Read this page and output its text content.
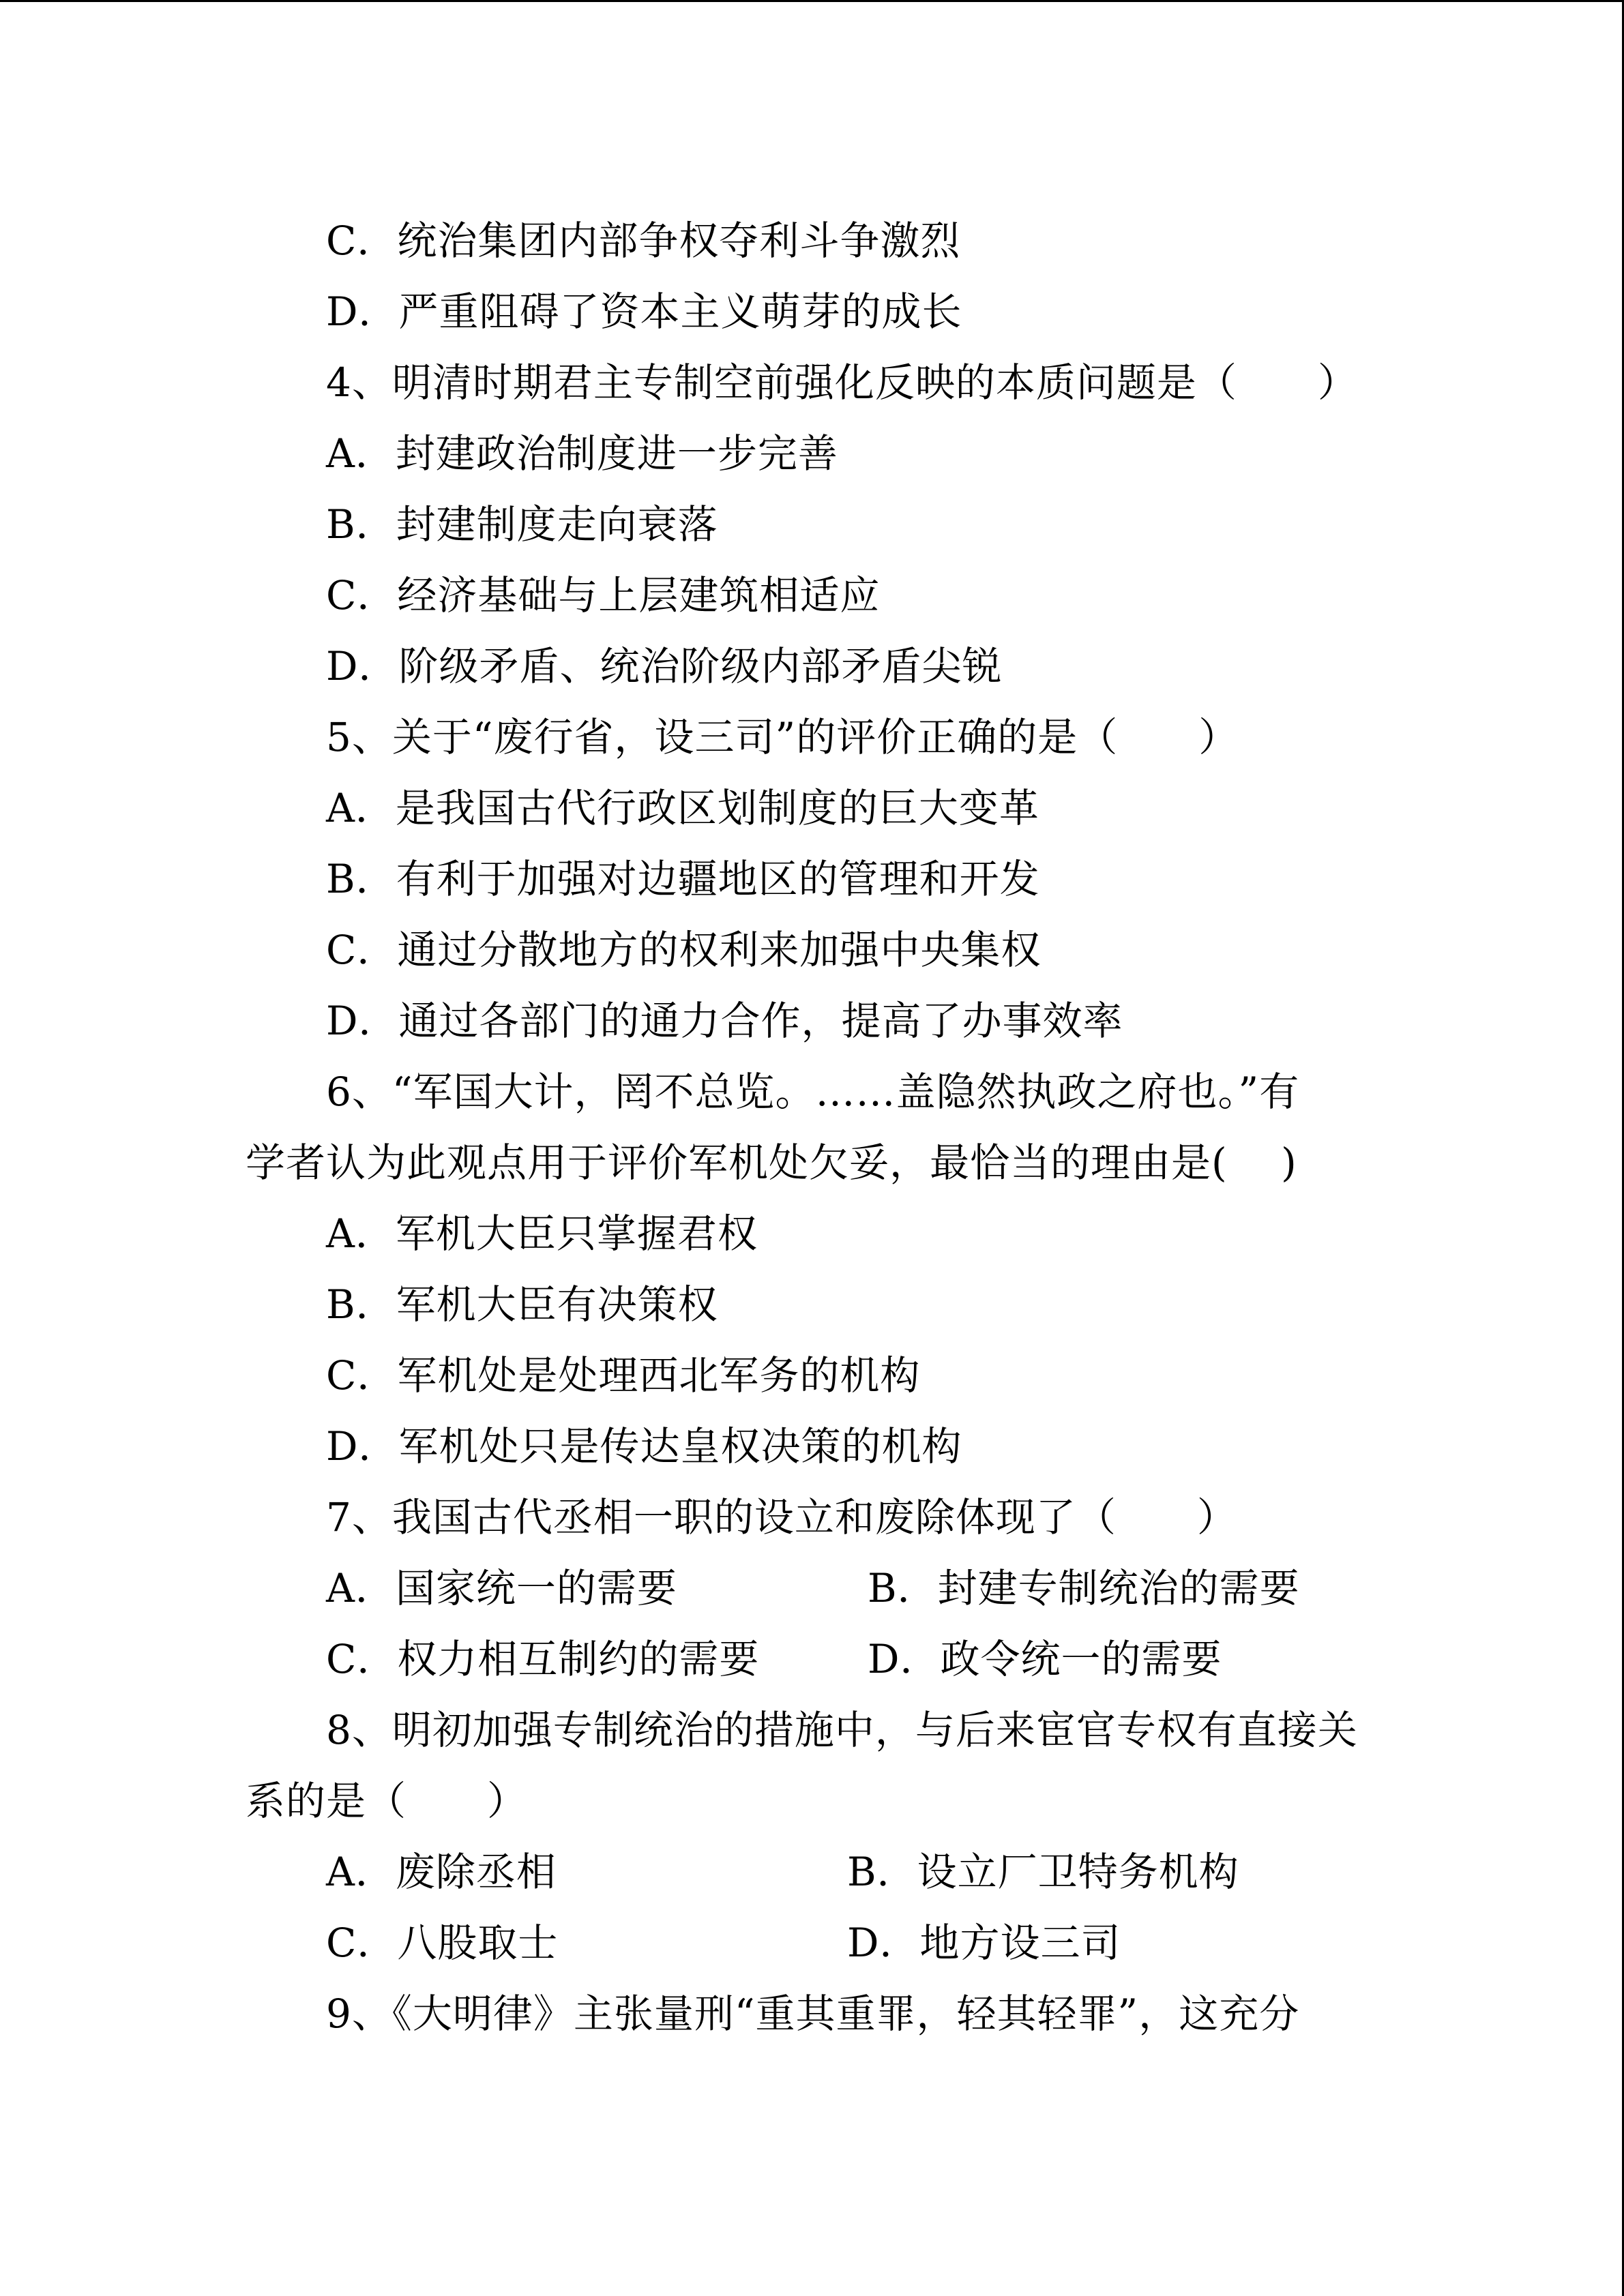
C．统治集团内部争权夺利斗争激烈
D．严重阻碍了资本主义萌芽的成长
4、明清时期君主专制空前强化反映的本质问题是（　　）
A．封建政治制度进一步完善
B．封建制度走向衰落
C．经济基础与上层建筑相适应
D．阶级矛盾、统治阶级内部矛盾尖锐
5、关于“废行省，设三司”的评价正确的是（　　）
A．是我国古代行政区划制度的巨大变革
B．有利于加强对边疆地区的管理和开发
C．通过分散地方的权利来加强中央集权
D．通过各部门的通力合作，提高了办事效率
6、“军国大计，罔不总览。……盖隐然执政之府也。”有
学者认为此观点用于评价军机处欠妥，最恰当的理由是(　 )
A．军机大臣只掌握君权
B．军机大臣有决策权
C．军机处是处理西北军务的机构
D．军机处只是传达皇权决策的机构
7、我国古代丞相一职的设立和废除体现了（　　）
A．国家统一的需要	B．封建专制统治的需要
C．权力相互制约的需要	D．政令统一的需要
8、明初加强专制统治的措施中，与后来宦官专权有直接关
系的是（　　）
A．废除丞相	B．设立厂卫特务机构
C．八股取士	D．地方设三司
9、《大明律》主张量刑“重其重罪，轻其轻罪”，这充分
